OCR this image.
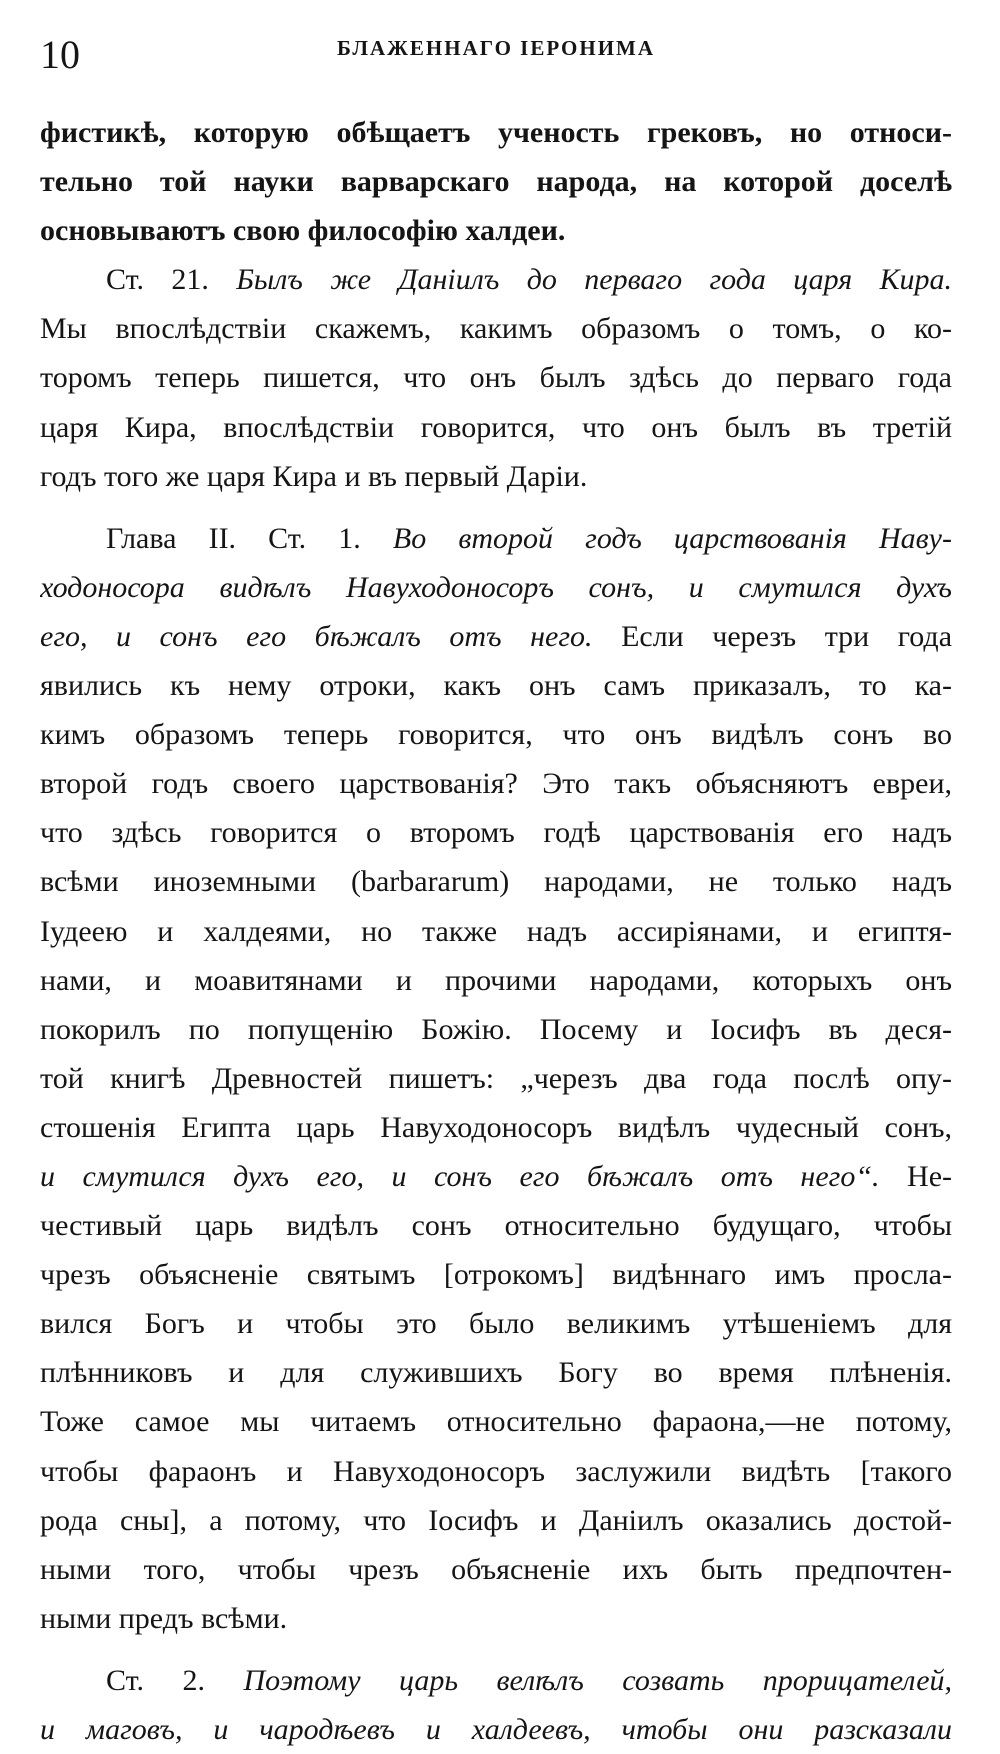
10	БЛАЖЕННАГО ІЕРОНИМА
фистикѣ, которую обѣщаетъ ученость грековъ, но относи-
тельно той науки варварскаго народа, на которой доселѣ
основываютъ свою философію халдеи.
Ст. 21. Былъ же Даніилъ до перваго года царя Кира.
Мы впослѣдствіи скажемъ, какимъ образомъ о томъ, о ко-
торомъ теперь пишется, что онъ былъ здѣсь до перваго года
царя Кира, впослѣдствіи говорится, что онъ былъ въ третій
годъ того же царя Кира и въ первый Даріи.
Глава II. Ст. 1. Во второй годъ царствованія Наву-
ходоносора видѣлъ Навуходоносоръ сонъ, и смутился духъ
его, и сонъ его бѣжалъ отъ него. Если черезъ три года
явились къ нему отроки, какъ онъ самъ приказалъ, то ка-
кимъ образомъ теперь говорится, что онъ видѣлъ сонъ во
второй годъ своего царствованія? Это такъ объясняютъ евреи,
что здѣсь говорится о второмъ годѣ царствованія его надъ
всѣми иноземными (barbararum) народами, не только надъ
Іудеею и халдеями, но также надъ ассиріянами, и египтя-
нами, и моавитянами и прочими народами, которыхъ онъ
покорилъ по попущенію Божію. Посему и Іосифъ въ деся-
той книгѣ Древностей пишетъ: „черезъ два года послѣ опу-
стошенія Египта царь Навуходоносоръ видѣлъ чудесный сонъ,
и смутился духъ его, и сонъ его бѣжалъ отъ него“. Не-
честивый царь видѣлъ сонъ относительно будущаго, чтобы
чрезъ объясненіе святымъ [отрокомъ] видѣннаго имъ просла-
вился Богъ и чтобы это было великимъ утѣшеніемъ для
плѣнниковъ и для служившихъ Богу во время плѣненія.
Тоже самое мы читаемъ относительно фараона,—не потому,
чтобы фараонъ и Навуходоносоръ заслужили видѣть [такого
рода сны], а потому, что Іосифъ и Даніилъ оказались достой-
ными того, чтобы чрезъ объясненіе ихъ быть предпочтен-
ными предъ всѣми.
Ст. 2. Поэтому царь велѣлъ созвать прорицателей,
и маговъ, и чародѣевъ и халдеевъ, чтобы они разсказали
